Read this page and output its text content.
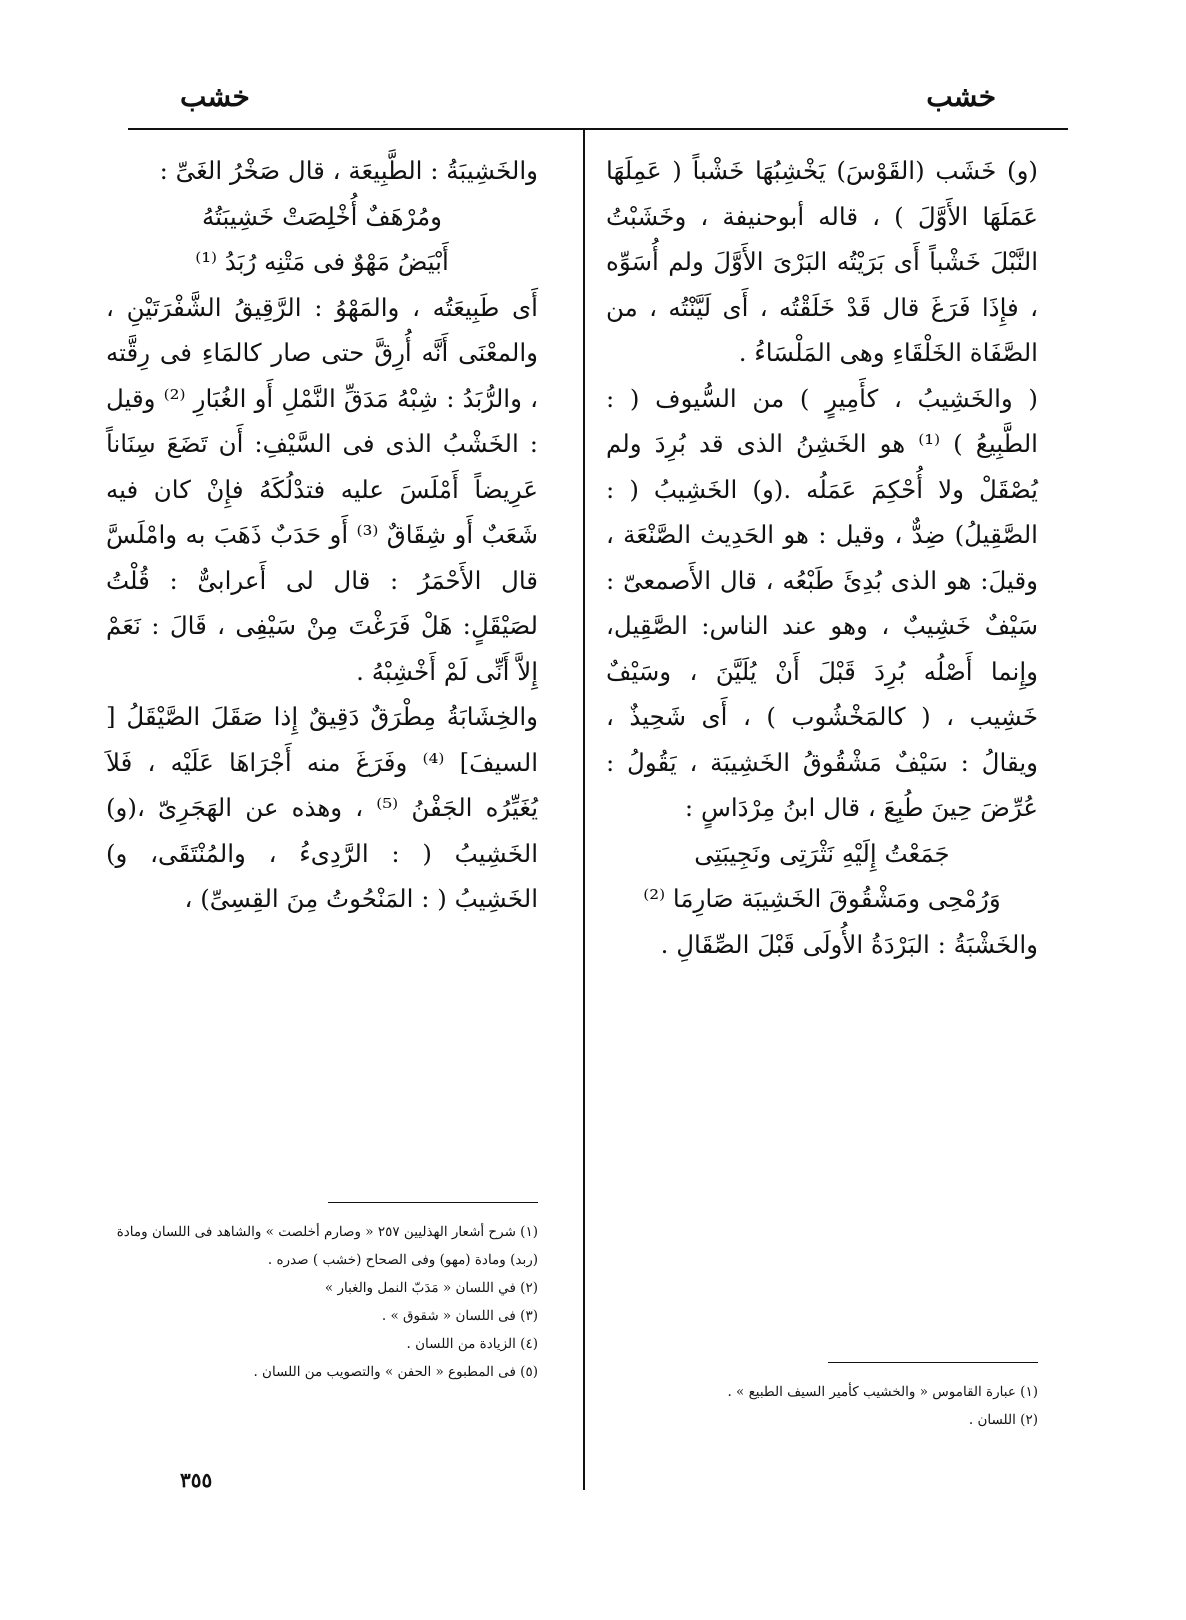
خشب
خشب

(و) خَشَب (القَوْسَ) يَخْشِبُهَا خَشْباً ( عَمِلَهَا عَمَلَهَا الأَوَّلَ ) ، قاله أبوحنيفة ، وخَشَبْتُ النَّبْلَ خَشْباً أَى بَرَيْتُه البَرْىَ الأَوَّلَ ولم أُسَوِّه ، فإِذَا فَرَغَ قال قَدْ خَلَقْتُه ، أَى لَيَّنْتُه ، من الصَّفَاة الخَلْقَاءِ وهى المَلْسَاءُ .

( والخَشِيبُ ، كأَمِيرٍ ) من السُّيوف ( : الطَّبِيعُ ) ⁽¹⁾ هو الخَشِنُ الذى قد بُرِدَ ولم يُصْقَلْ ولا أُحْكِمَ عَمَلُه .(و) الخَشِيبُ ( : الصَّقِيلُ) ضِدٌّ ، وقيل : هو الحَدِيث الصَّنْعَة ، وقيلَ: هو الذى بُدِئَ طَبْعُه ، قال الأَصمعىّ : سَيْفٌ خَشِيبٌ ، وهو عند الناس: الصَّقِيل، وإِنما أَصْلُه بُرِدَ قَبْلَ أَنْ يُلَيَّنَ ، وسَيْفٌ خَشِيب ، ( كالمَخْشُوب ) ، أَى شَحِيذٌ ، ويقالُ : سَيْفٌ مَشْقُوقُ الخَشِيبَة ، يَقُولُ : عُرِّضَ حِينَ طُبِعَ ، قال ابنُ مِرْدَاسٍ :

جَمَعْتُ إِلَيْهِ نَثْرَتِى ونَجِيبَتِى

وَرُمْحِى ومَشْقُوقَ الخَشِيبَة صَارِمَا ⁽²⁾

والخَشْبَةُ : البَرْدَةُ الأُولَى قَبْلَ الصِّقَالِ .

(١) عبارة القاموس « والخشيب كأمير السيف الطبيع » .
(٢) اللسان .

والخَشِيبَةُ : الطَّبِيعَة ، قال صَخْرُ الغَىِّ :

ومُرْهَفٌ أُخْلِصَتْ خَشِيبَتُهُ

أَبْيَضُ مَهْوٌ فى مَتْنِه رُبَدُ ⁽¹⁾

أَى طَبِيعَتُه ، والمَهْوُ : الرَّقِيقُ الشَّفْرَتَيْنِ ، والمعْنَى أَنَّه أُرِقَّ حتى صار كالمَاءِ فى رِقَّته ، والرُّبَدُ : شِبْهُ مَدَقِّ النَّمْلِ أَو الغُبَارِ ⁽²⁾ وقيل : الخَشْبُ الذى فى السَّيْفِ: أَن تَضَعَ سِنَاناً عَرِيضاً أَمْلَسَ عليه فتدْلُكَهُ فإِنْ كان فيه شَعَبٌ أَو شِقَاقٌ ⁽³⁾ أَو حَدَبٌ ذَهَبَ به وامْلَسَّ قال الأَحْمَرُ : قال لى أَعرابىٌّ : قُلْتُ لصَيْقَلٍ: هَلْ فَرَغْتَ مِنْ سَيْفِى ، قَالَ : نَعَمْ إِلاَّ أَنِّى لَمْ أَخْشِبْهُ .

والخِشَابَةُ مِطْرَقٌ دَقِيقٌ إِذا صَقَلَ الصَّيْقَلُ [ السيفَ] ⁽⁴⁾ وفَرَغَ منه أَجْرَاهَا عَلَيْه ، فَلاَ يُغَيِّرُه الجَفْنُ ⁽⁵⁾ ، وهذه عن الهَجَرِىّ ،(و) الخَشِيبُ ( : الرَّدِىءُ ، والمُنْتَقَى، و) الخَشِيبُ ( : المَنْحُوتُ مِنَ القِسِىِّ) ،

(١) شرح أشعار الهذليين ٢٥٧ « وصارم أخلصت » والشاهد فى اللسان ومادة (ربد) ومادة (مهو) وفى الصحاح (خشب ) صدره .
(٢) في اللسان « مَدَبّ النمل والغبار »
(٣) فى اللسان « شقوق » .
(٤) الزيادة من اللسان .
(٥) فى المطبوع « الحفن » والتصويب من اللسان .
٣٥٥
